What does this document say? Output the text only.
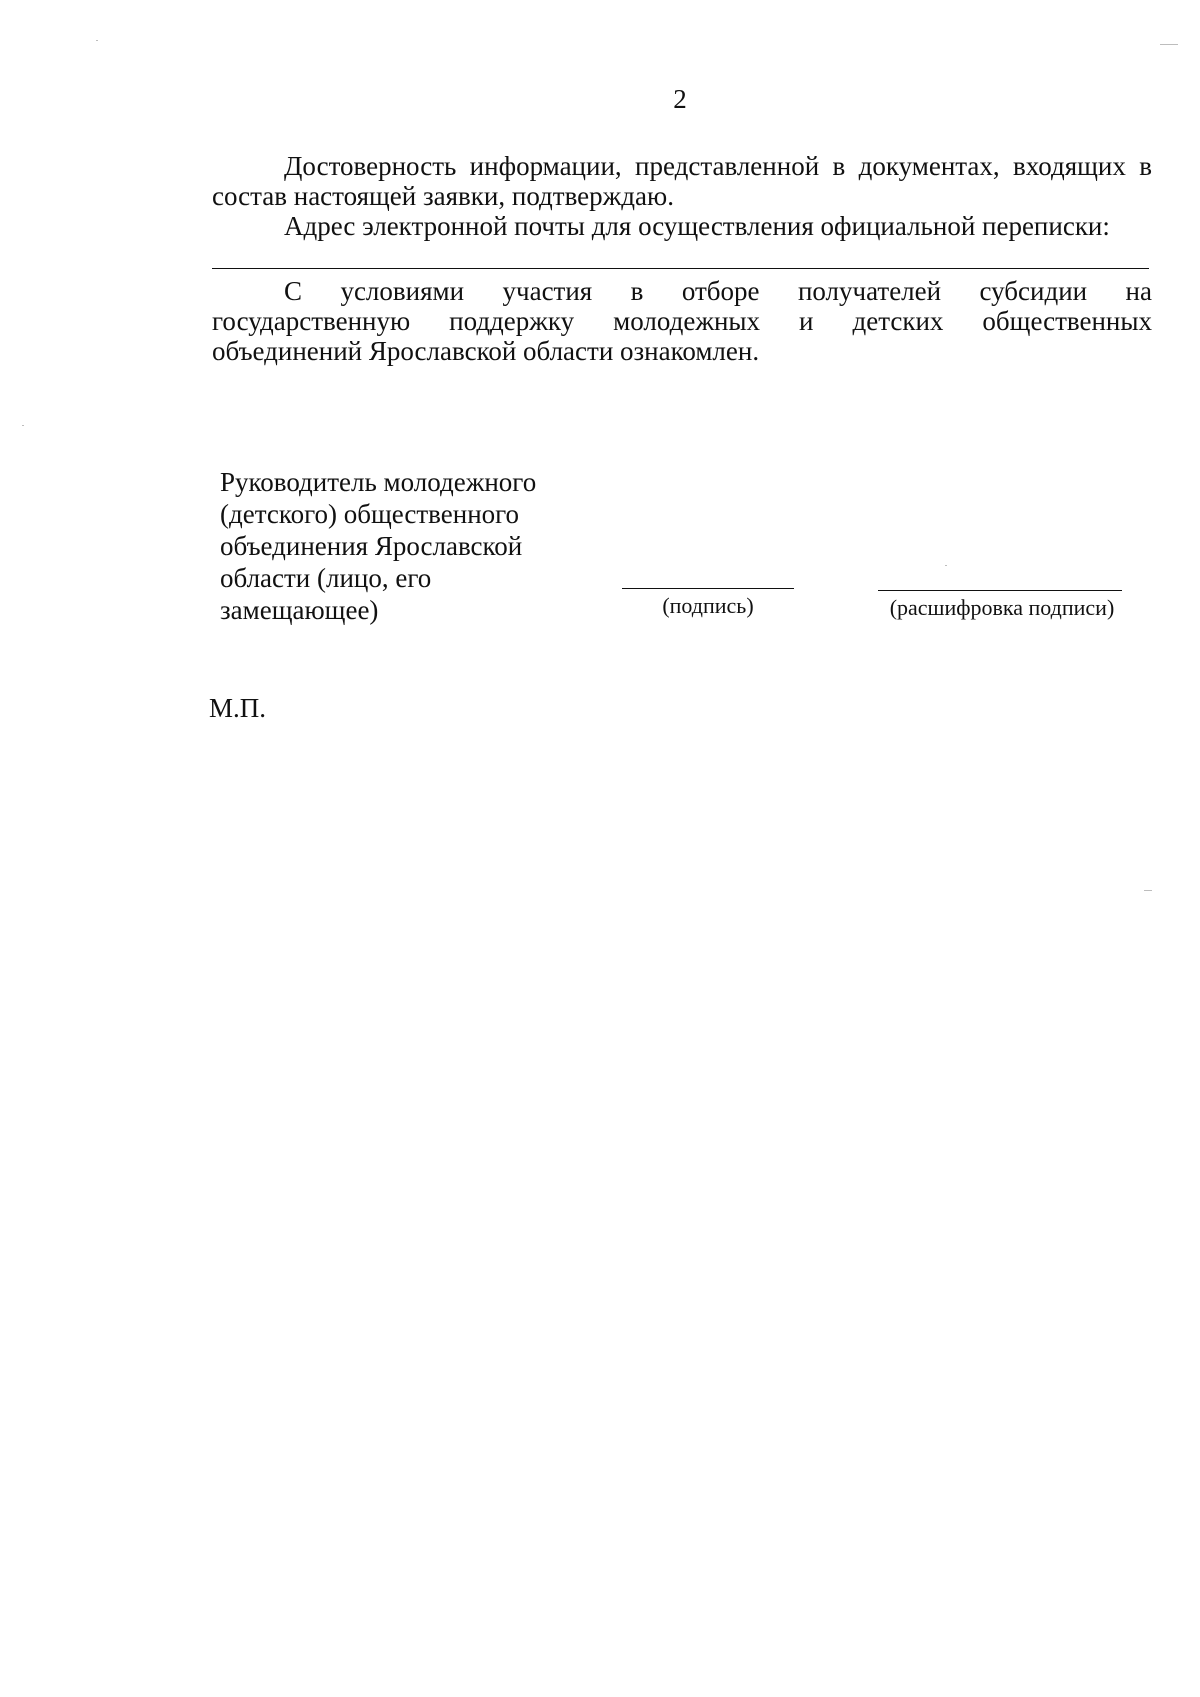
2
Достоверность информации, представленной в документах, входящих в состав настоящей заявки, подтверждаю.
Адрес электронной почты для осуществления официальной переписки:
С условиями участия в отборе получателей субсидии на
государственную поддержку молодежных и детских общественных
объединений Ярославской области ознакомлен.
Руководитель молодежного
(детского) общественного
объединения Ярославской
области (лицо, его
замещающее)	(подпись)	(расшифровка подписи)
М.П.
